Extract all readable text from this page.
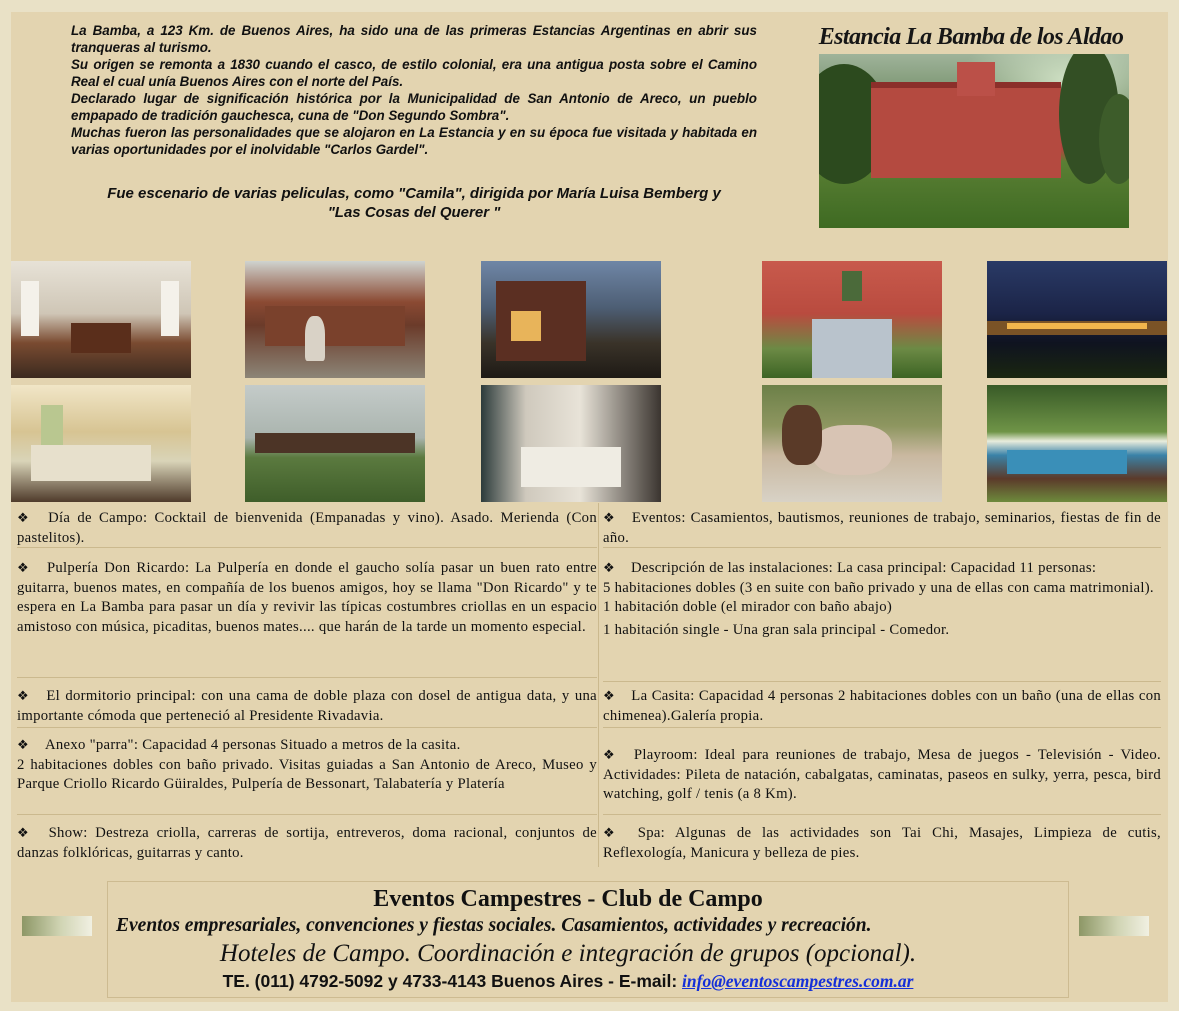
La Bamba, a 123 Km. de Buenos Aires, ha sido una de las primeras Estancias Argentinas en abrir sus tranqueras al turismo.

Su origen se remonta a 1830 cuando el casco, de estilo colonial, era una antigua posta sobre el Camino Real el cual unía Buenos Aires con el norte del País.

Declarado lugar de significación histórica por la Municipalidad de San Antonio de Areco, un pueblo empapado de tradición gauchesca, cuna de "Don Segundo Sombra".

Muchas fueron las personalidades que se alojaron en La Estancia y en su época fue visitada y habitada en varias oportunidades por el inolvidable "Carlos Gardel".

Fue escenario de varias peliculas, como "Camila", dirigida por María Luisa Bemberg y
"Las Cosas del Querer "
Estancia La Bamba de los Aldao
❖ Día de Campo: Cocktail de bienvenida (Empanadas y vino). Asado. Merienda (Con pastelitos).
❖ Pulpería Don Ricardo: La Pulpería en donde el gaucho solía pasar un buen rato entre guitarra, buenos mates, en compañía de los buenos amigos, hoy se llama "Don Ricardo" y te espera en La Bamba para pasar un día y revivir las típicas costumbres criollas en un espacio amistoso con música, picaditas, buenos mates.... que harán de la tarde un momento especial.
❖ El dormitorio principal: con una cama de doble plaza con dosel de antigua data, y una importante cómoda que perteneció al Presidente Rivadavia.
❖ Anexo "parra": Capacidad 4 personas Situado a metros de la casita.
2 habitaciones dobles con baño privado. Visitas guiadas a San Antonio de Areco, Museo y Parque Criollo Ricardo Güiraldes, Pulpería de Bessonart, Talabatería y Platería
❖ Show: Destreza criolla, carreras de sortija, entreveros, doma racional, conjuntos de danzas folklóricas, guitarras y canto.
❖ Eventos: Casamientos, bautismos, reuniones de trabajo, seminarios, fiestas de fin de año.
❖ Descripción de las instalaciones: La casa principal: Capacidad 11 personas:
5 habitaciones dobles (3 en suite con baño privado y una de ellas con cama matrimonial).
1 habitación doble (el mirador con baño abajo)
1 habitación single - Una gran sala principal - Comedor.
❖ La Casita: Capacidad 4 personas 2 habitaciones dobles con un baño (una de ellas con chimenea).Galería propia.
❖ Playroom: Ideal para reuniones de trabajo, Mesa de juegos - Televisión - Video. Actividades: Pileta de natación, cabalgatas, caminatas, paseos en sulky, yerra, pesca, bird watching, golf / tenis (a 8 Km).
❖ Spa: Algunas de las actividades son Tai Chi, Masajes, Limpieza de cutis, Reflexología, Manicura y belleza de pies.
Eventos Campestres - Club de Campo
Eventos empresariales, convenciones y fiestas sociales. Casamientos, actividades y recreación.
Hoteles de Campo. Coordinación e integración de grupos (opcional).
TE. (011) 4792-5092 y 4733-4143 Buenos Aires - E-mail: info@eventoscampestres.com.ar
